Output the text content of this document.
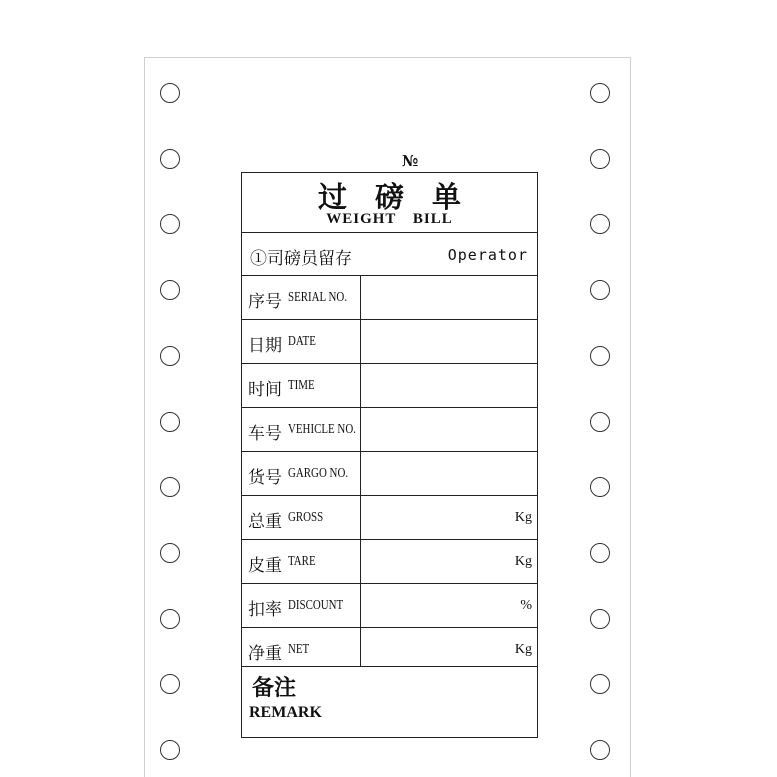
№
过磅单
WEIGHT BILL
①司磅员留存	Operator
序号 SERIAL NO.
日期 DATE
时间 TIME
车号 VEHICLE NO.
货号 GARGO NO.
总重 GROSS	Kg
皮重 TARE	Kg
扣率 DISCOUNT	%
净重 NET	Kg
备注
REMARK
